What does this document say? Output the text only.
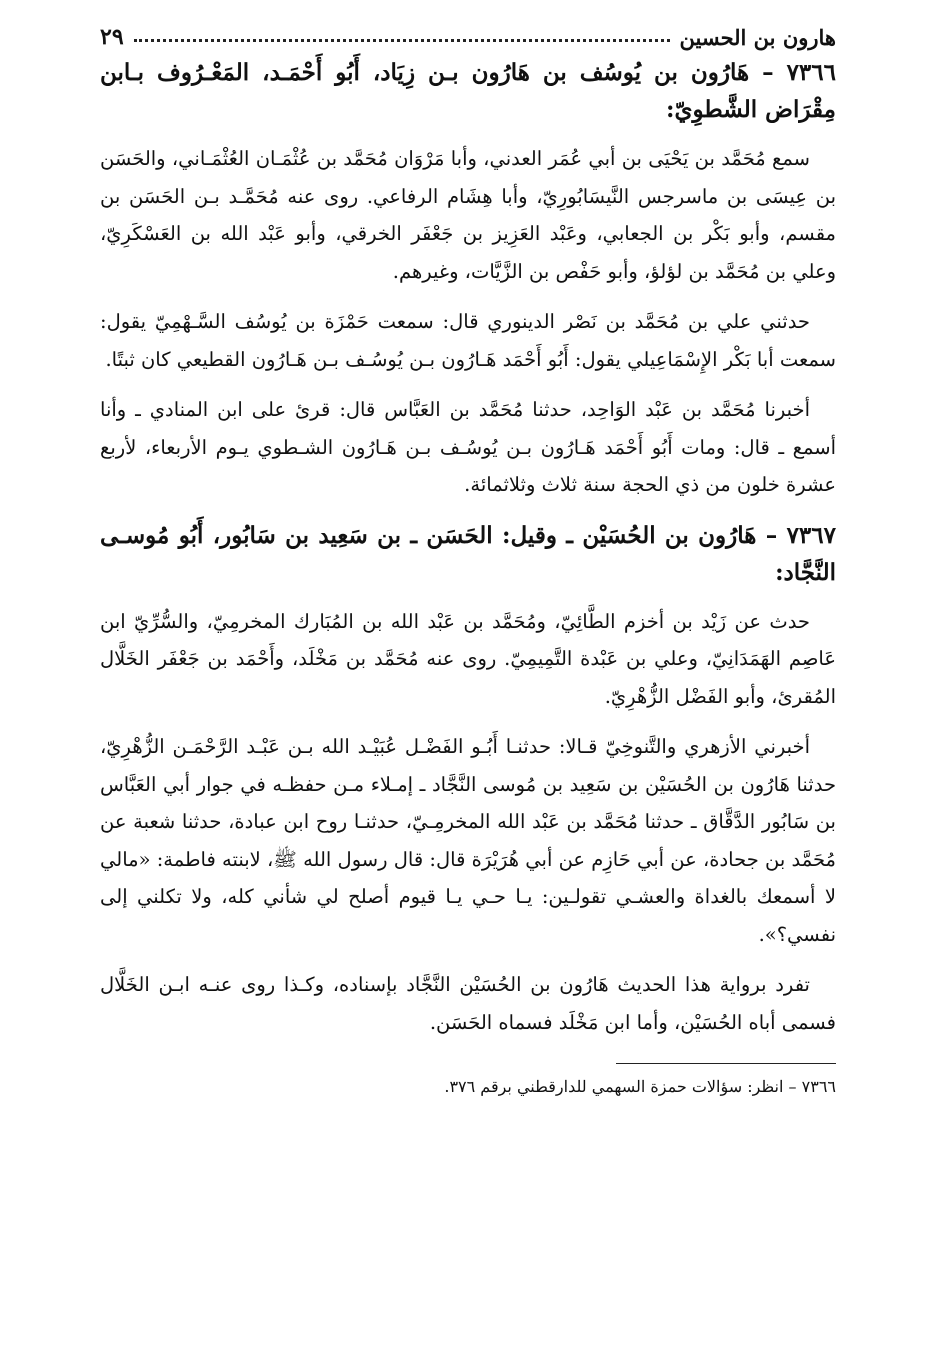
هارون بن الحسين
٢٩
٧٣٦٦ – هَارُون بن يُوسُف بن هَارُون بـن زِيَاد، أَبُو أَحْمَـد، المَعْـرُوف بـابن مِقْرَاض الشَّطوِيّ:

سمع مُحَمَّد بن يَحْيَى بن أبي عُمَر العدني، وأبا مَرْوَان مُحَمَّد بن عُثْمَـان العُثْمَـاني، والحَسَن بن عِيسَى بن ماسرجس النَّيسَابُورِيّ، وأبا هِشَام الرفاعي. روى عنه مُحَمَّـد بـن الحَسَن بن مقسم، وأبو بَكْر بن الجعابي، وعَبْد العَزِيز بن جَعْفَر الخرقي، وأبو عَبْد الله بن العَسْكَرِيّ، وعلي بن مُحَمَّد بن لؤلؤ، وأبو حَفْص بن الزَّيَّات، وغيرهم.

حدثني علي بن مُحَمَّد بن نَصْر الدينوري قال: سمعت حَمْزَة بن يُوسُف السَّـهْمِيّ يقول: سمعت أبا بَكْر الإِسْمَاعِيلي يقول: أَبُو أَحْمَد هَـارُون بـن يُوسُـف بـن هَـارُون القطيعي كان ثبتًا.

أخبرنا مُحَمَّد بن عَبْد الوَاحِد، حدثنا مُحَمَّد بن العَبَّاس قال: قرئ على ابن المنادي ـ وأنا أسمع ـ قال: ومات أَبُو أَحْمَد هَـارُون بـن يُوسُـف بـن هَـارُون الشـطوي يـوم الأربعاء، لأربع عشرة خلون من ذي الحجة سنة ثلاث وثلاثمائة.

٧٣٦٧ – هَارُون بن الحُسَيْن ـ وقيل: الحَسَن ـ بن سَعِيد بن سَابُور، أَبُو مُوسـى النَّجَّاد:

حدث عن زَيْد بن أخزم الطَّائِيّ، ومُحَمَّد بن عَبْد الله بن المُبَارك المخرمِيّ، والسُّرِّيّ ابن عَاصِم الهَمَدَانِيّ، وعلي بن عَبْدة التَّمِيمِيّ. روى عنه مُحَمَّد بن مَخْلَد، وأَحْمَد بن جَعْفَر الخَلَّال المُقرئ، وأبو الفَضْل الزُّهْرِيّ.

أخبرني الأزهري والتَّنوخِيّ قـالا: حدثنـا أَبُـو الفَضْـل عُبَيْـد الله بـن عَبْـد الرَّحْمَـن الزُّهْرِيّ، حدثنا هَارُون بن الحُسَيْن بن سَعِيد بن مُوسى النَّجَّاد ـ إمـلاء مـن حفظـه في جوار أبي العَبَّاس بن سَابُور الدَّقَّاق ـ حدثنا مُحَمَّد بن عَبْد الله المخرمِـيّ، حدثنـا روح ابن عبادة، حدثنا شعبة عن مُحَمَّد بن جحادة، عن أبي حَازِم عن أبي هُرَيْرَة قال: قال رسول الله ﷺ، لابنته فاطمة: «مالي لا أسمعك بالغداة والعشـي تقولـين: يـا حـي يـا قيوم أصلح لي شأني كله، ولا تكلني إلى نفسي؟».

تفرد برواية هذا الحديث هَارُون بن الحُسَيْن النَّجَّاد بإسناده، وكـذا روى عنـه ابـن الخَلَّال فسمى أباه الحُسَيْن، وأما ابن مَخْلَد فسماه الحَسَن.

٧٣٦٦ – انظر: سؤالات حمزة السهمي للدارقطني برقم ٣٧٦.
